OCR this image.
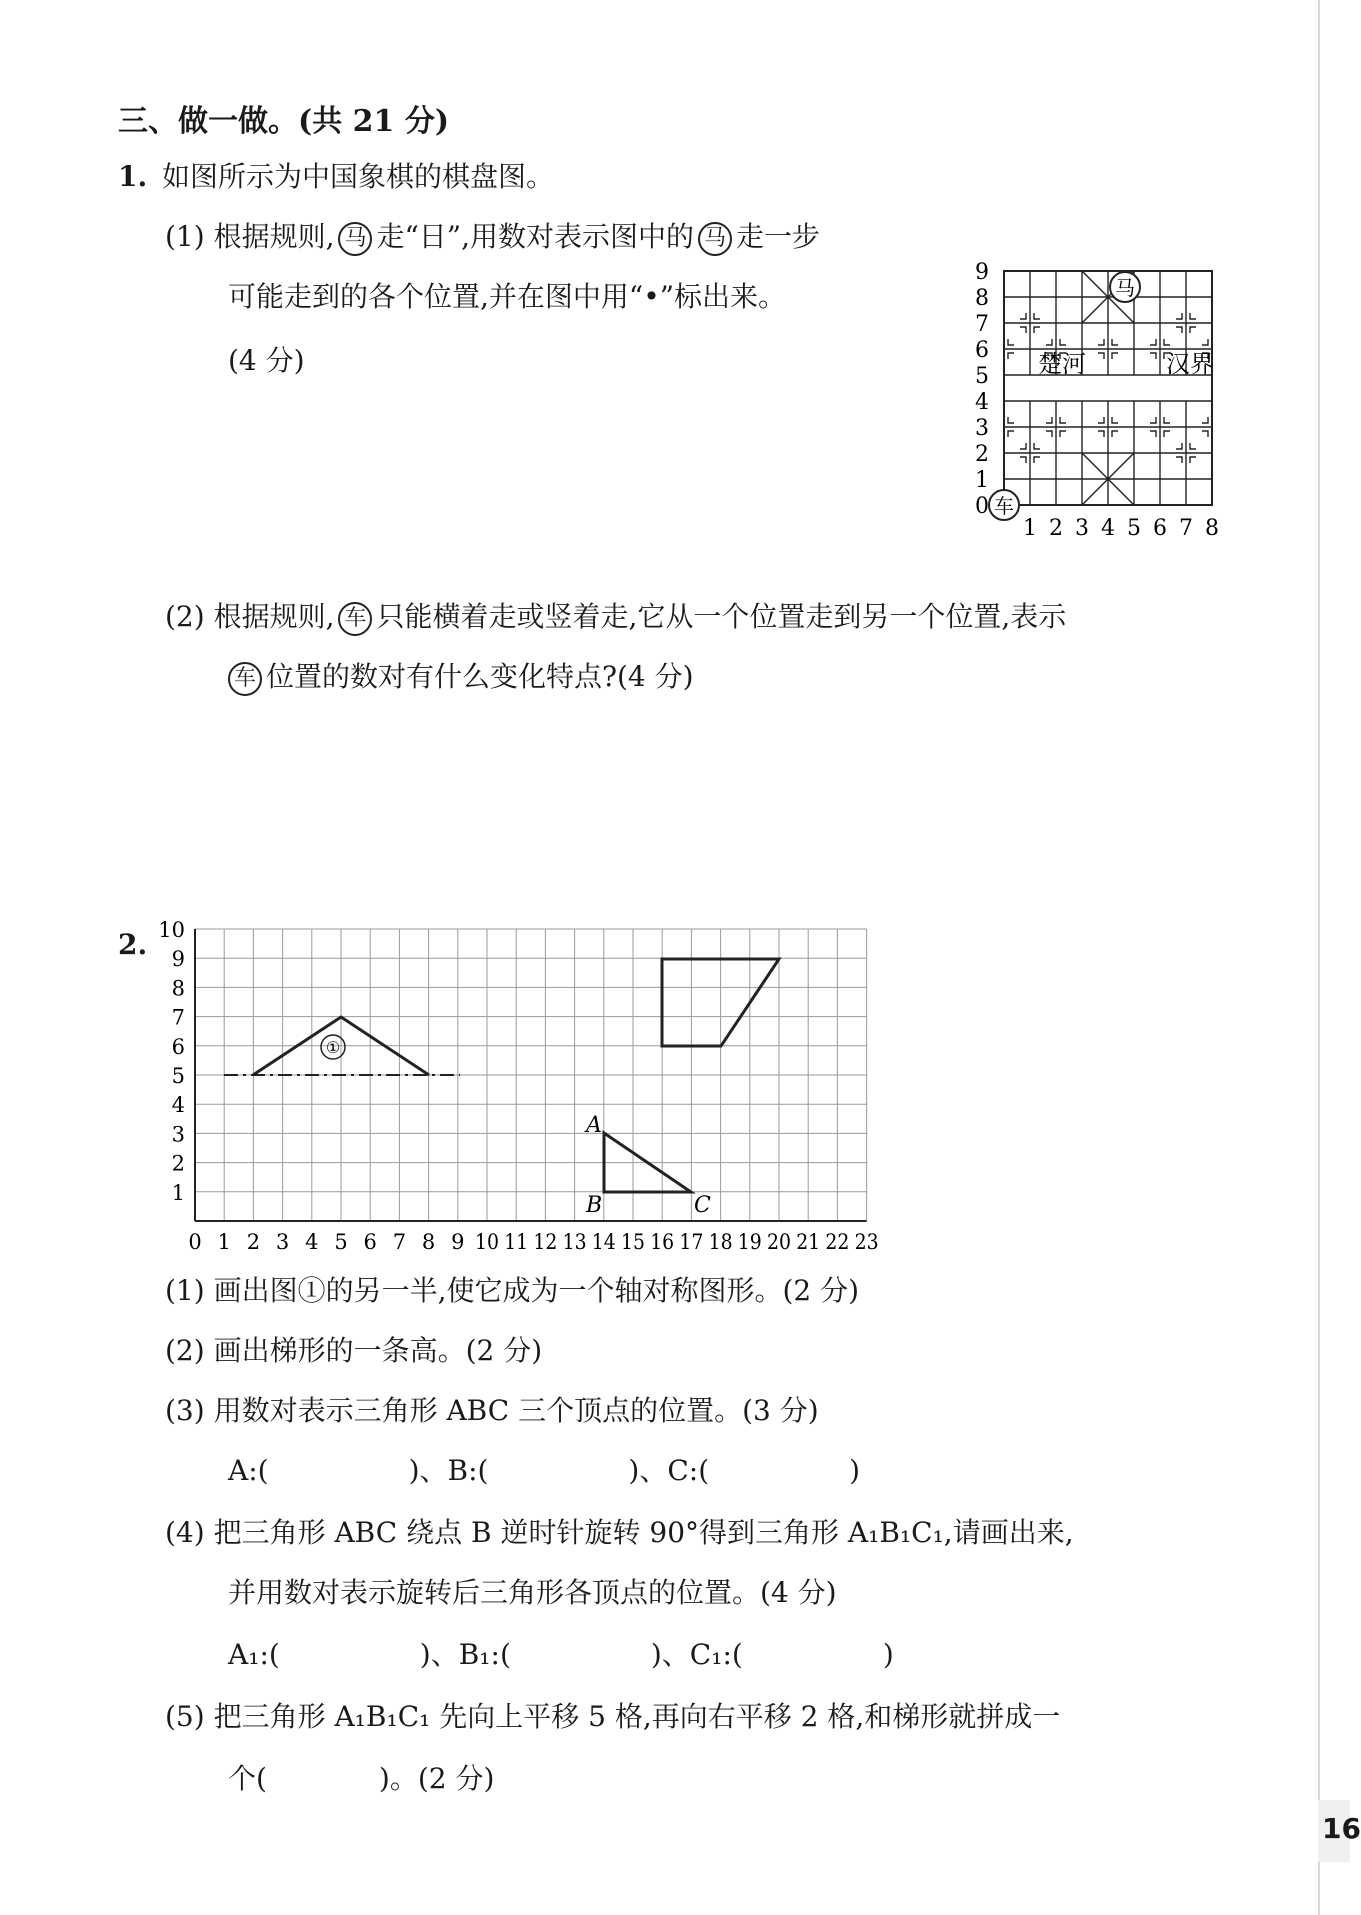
三、做一做。(共 21 分)
1. 如图所示为中国象棋的棋盘图。
(1) 根据规则, 马 走“日”,用数对表示图中的 马 走一步
可能走到的各个位置,并在图中用“•”标出来。
(4 分)
0
1
2
3
4
5
6
7
8
9
1 2 3 4 5 6 7 8
楚河	汉界
马
车
(2) 根据规则, 车 只能横着走或竖着走,它从一个位置走到另一个位置,表示
车 位置的数对有什么变化特点?(4 分)
2.
0 1 2 3 4 5 6 7 8 9 10 11 12 13 14 15 16 17 18 19 20 21 22 23
1
2
3
4
5
6
7
8
9
10
①
A
B	C
(1) 画出图①的另一半,使它成为一个轴对称图形。(2 分)
(2) 画出梯形的一条高。(2 分)
(3) 用数对表示三角形 ABC 三个顶点的位置。(3 分)
A:(　　　　　)、B:(　　　　　)、C:(　　　　　)
(4) 把三角形 ABC 绕点 B 逆时针旋转 90°得到三角形 A₁B₁C₁,请画出来,
并用数对表示旋转后三角形各顶点的位置。(4 分)
A₁:(　　　　　)、B₁:(　　　　　)、C₁:(　　　　　)
(5) 把三角形 A₁B₁C₁ 先向上平移 5 格,再向右平移 2 格,和梯形就拼成一
个(　　　　)。(2 分)
16
